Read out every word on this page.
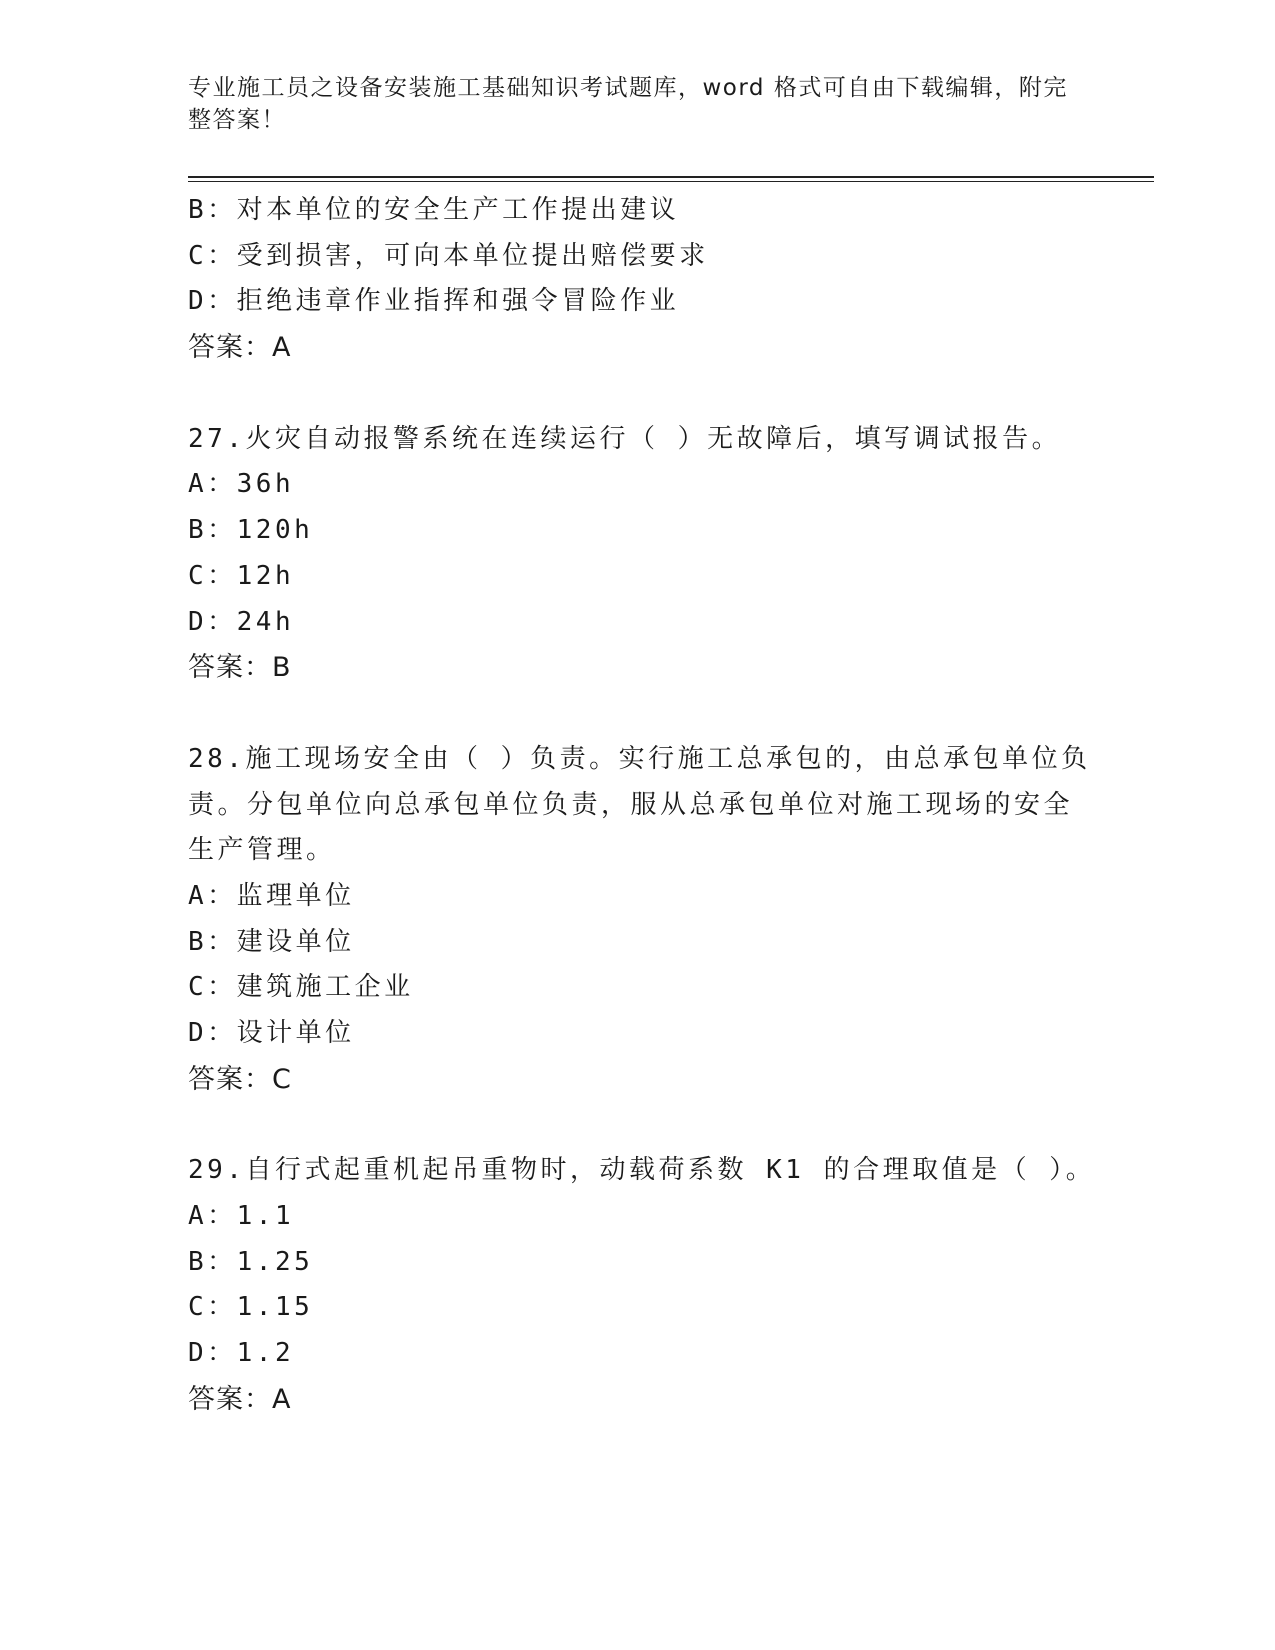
专业施工员之设备安装施工基础知识考试题库，word 格式可自由下载编辑，附完
整答案！
B：对本单位的安全生产工作提出建议
C：受到损害，可向本单位提出赔偿要求
D：拒绝违章作业指挥和强令冒险作业
答案：A
27.火灾自动报警系统在连续运行（ ）无故障后，填写调试报告。
A：36h
B：120h
C：12h
D：24h
答案：B
28.施工现场安全由（ ）负责。实行施工总承包的，由总承包单位负
责。分包单位向总承包单位负责，服从总承包单位对施工现场的安全
生产管理。
A：监理单位
B：建设单位
C：建筑施工企业
D：设计单位
答案：C
29.自行式起重机起吊重物时，动载荷系数 K1 的合理取值是（ ）。
A：1.1
B：1.25
C：1.15
D：1.2
答案：A
